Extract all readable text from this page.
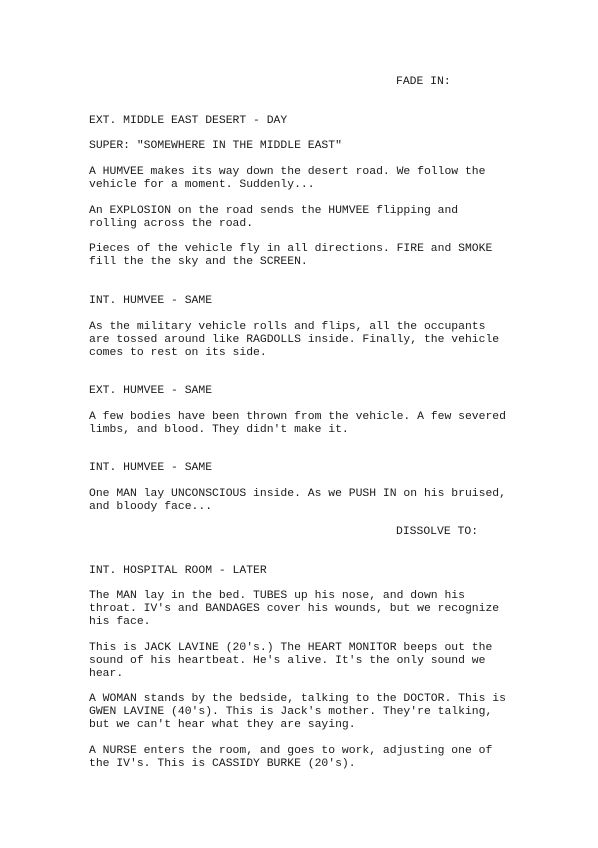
FADE IN:
EXT. MIDDLE EAST DESERT - DAY
SUPER: "SOMEWHERE IN THE MIDDLE EAST"
A HUMVEE makes its way down the desert road. We follow the
vehicle for a moment. Suddenly...
An EXPLOSION on the road sends the HUMVEE flipping and
rolling across the road.
Pieces of the vehicle fly in all directions. FIRE and SMOKE
fill the the sky and the SCREEN.
INT. HUMVEE - SAME
As the military vehicle rolls and flips, all the occupants
are tossed around like RAGDOLLS inside. Finally, the vehicle
comes to rest on its side.
EXT. HUMVEE - SAME
A few bodies have been thrown from the vehicle. A few severed
limbs, and blood. They didn't make it.
INT. HUMVEE - SAME
One MAN lay UNCONSCIOUS inside. As we PUSH IN on his bruised,
and bloody face...
DISSOLVE TO:
INT. HOSPITAL ROOM - LATER
The MAN lay in the bed. TUBES up his nose, and down his
throat. IV's and BANDAGES cover his wounds, but we recognize
his face.
This is JACK LAVINE (20's.) The HEART MONITOR beeps out the
sound of his heartbeat. He's alive. It's the only sound we
hear.
A WOMAN stands by the bedside, talking to the DOCTOR. This is
GWEN LAVINE (40's). This is Jack's mother. They're talking,
but we can't hear what they are saying.
A NURSE enters the room, and goes to work, adjusting one of
the IV's. This is CASSIDY BURKE (20's).
